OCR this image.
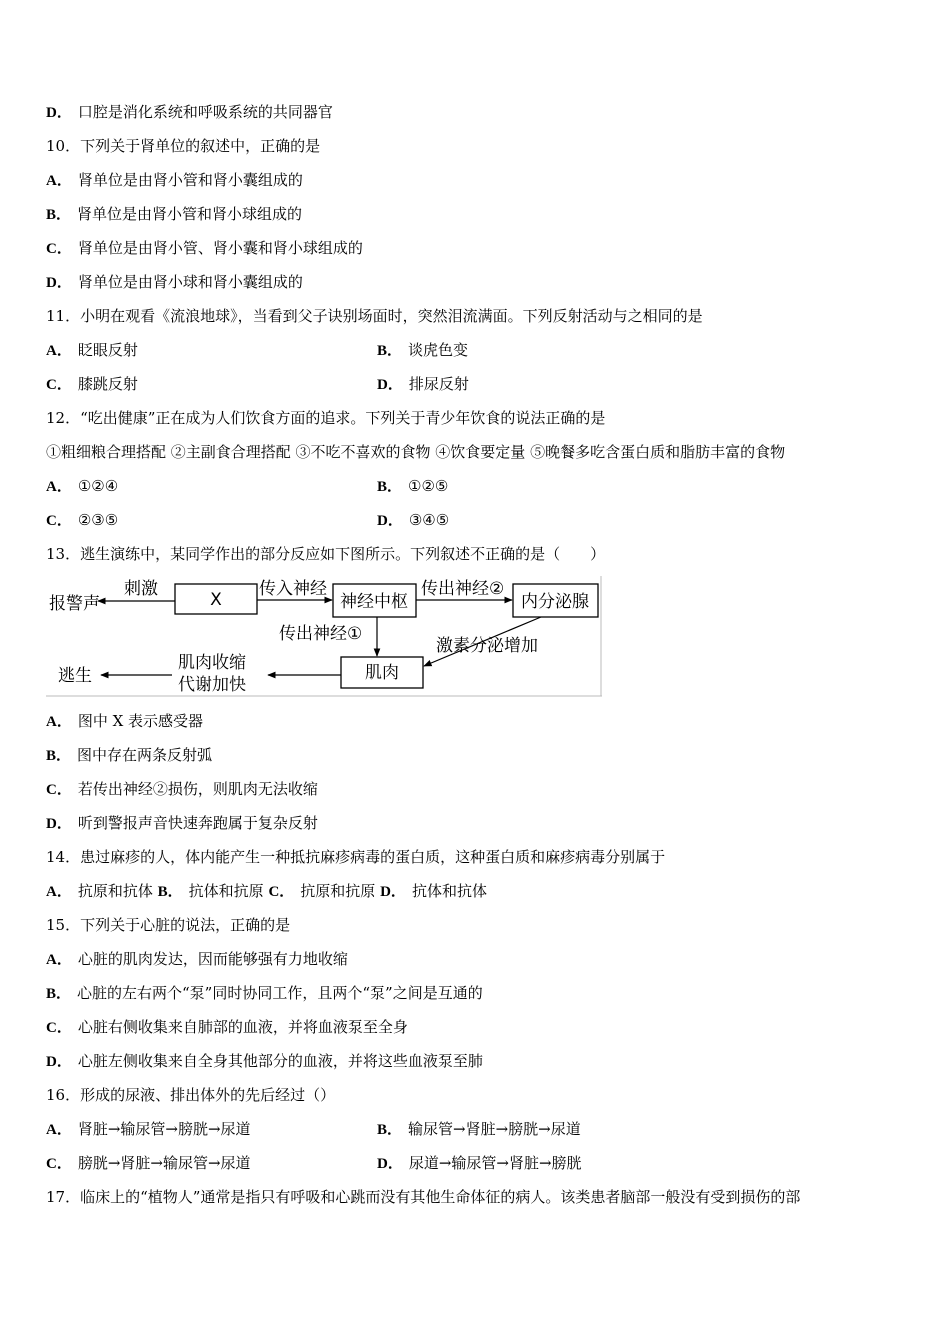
D． 口腔是消化系统和呼吸系统的共同器官
10．下列关于肾单位的叙述中，正确的是
A． 肾单位是由肾小管和肾小囊组成的
B． 肾单位是由肾小管和肾小球组成的
C． 肾单位是由肾小管、肾小囊和肾小球组成的
D． 肾单位是由肾小球和肾小囊组成的
11．小明在观看《流浪地球》，当看到父子诀别场面时，突然泪流满面。下列反射活动与之相同的是
A． 眨眼反射	B． 谈虎色变
C． 膝跳反射	D． 排尿反射
12．“吃出健康”正在成为人们饮食方面的追求。下列关于青少年饮食的说法正确的是
①粗细粮合理搭配 ②主副食合理搭配 ③不吃不喜欢的食物 ④饮食要定量 ⑤晚餐多吃含蛋白质和脂肪丰富的食物
A． ①②④	B． ①②⑤
C． ②③⑤	D． ③④⑤
13．逃生演练中，某同学作出的部分反应如下图所示。下列叙述不正确的是（　　）
报警声
刺激
X
传入神经
神经中枢
传出神经②
内分泌腺
传出神经①
激素分泌增加
肌肉
肌肉收缩
代谢加快
逃生
A． 图中 X 表示感受器
B． 图中存在两条反射弧
C． 若传出神经②损伤，则肌肉无法收缩
D． 听到警报声音快速奔跑属于复杂反射
14．患过麻疹的人，体内能产生一种抵抗麻疹病毒的蛋白质，这种蛋白质和麻疹病毒分别属于
A． 抗原和抗体 B． 抗体和抗原 C． 抗原和抗原 D． 抗体和抗体
15．下列关于心脏的说法，正确的是
A． 心脏的肌肉发达，因而能够强有力地收缩
B． 心脏的左右两个“泵”同时协同工作，且两个“泵”之间是互通的
C． 心脏右侧收集来自肺部的血液，并将血液泵至全身
D． 心脏左侧收集来自全身其他部分的血液，并将这些血液泵至肺
16．形成的尿液、排出体外的先后经过（）
A． 肾脏→输尿管→膀胱→尿道	B． 输尿管→肾脏→膀胱→尿道
C． 膀胱→肾脏→输尿管→尿道	D． 尿道→输尿管→肾脏→膀胱
17．临床上的“植物人”通常是指只有呼吸和心跳而没有其他生命体征的病人。该类患者脑部一般没有受到损伤的部
